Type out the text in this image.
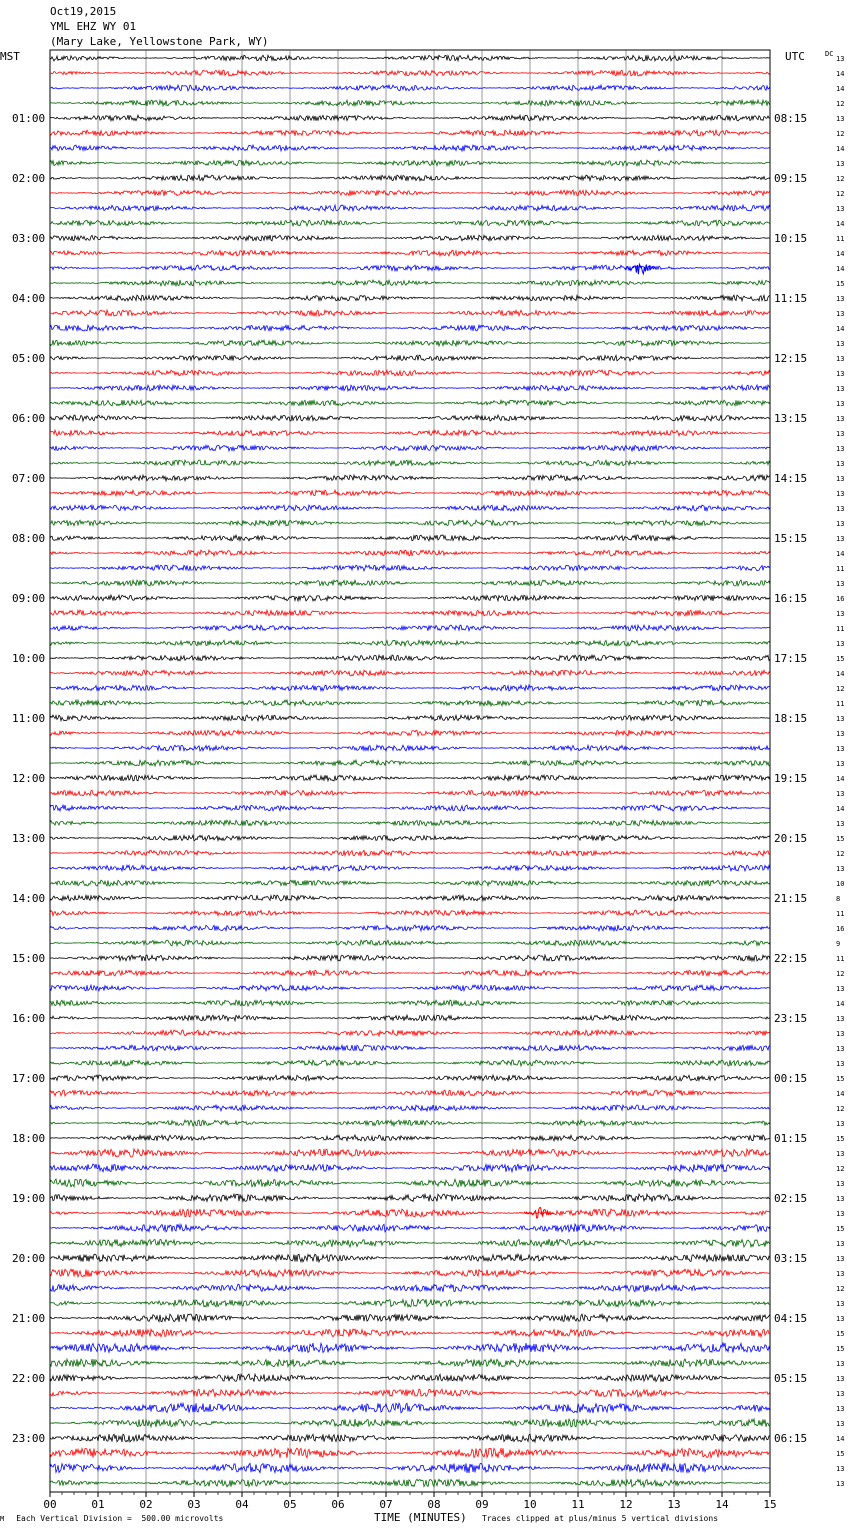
Oct19,2015
YML EHZ WY 01
(Mary Lake, Yellowstone Park, WY)
MST	UTC	DC
01:00
02:00
03:00
04:00
05:00
06:00
07:00
08:00
09:00
10:00
11:00
12:00
13:00
14:00
15:00
16:00
17:00
18:00
19:00
20:00
21:00
22:00
23:00
08:15
09:15
10:15
11:15
12:15
13:15
14:15
15:15
16:15
17:15
18:15
19:15
20:15
21:15
22:15
23:15
00:15
01:15
02:15
03:15
04:15
05:15
06:15
13
14
14
12
13
12
14
13
12
12
13
14
11
14
14
15
13
13
14
13
13
13
13
13
13
13
13
13
13
13
13
13
13
14
11
13
16
13
11
13
15
14
12
11
13
13
13
13
14
13
14
13
15
12
13
10
8
11
16
9
11
12
13
14
13
13
13
13
15
14
12
13
15
13
12
13
13
13
15
13
13
13
12
13
13
15
15
13
13
13
13
13
14
15
13
13
00	01	02	03	04	05	06	07	08	09	10	11	12	13	14	15
M Each Vertical Division =  500.00 microvolts	TIME (MINUTES) Traces clipped at plus/minus 5 vertical divisions
